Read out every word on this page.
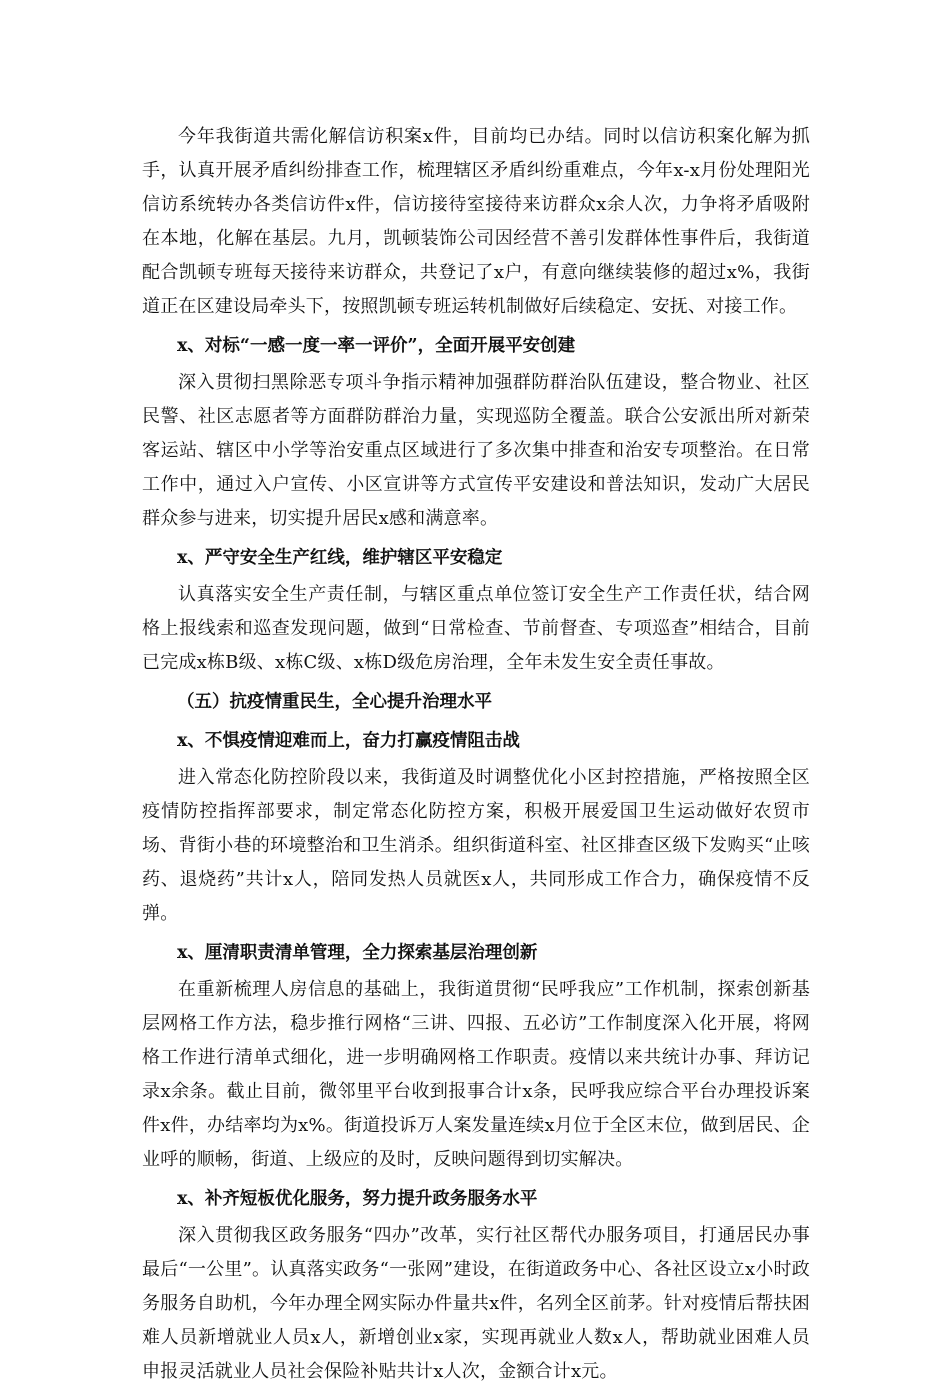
今年我街道共需化解信访积案x件，目前均已办结。同时以信访积案化解为抓手，认真开展矛盾纠纷排查工作，梳理辖区矛盾纠纷重难点，今年x-x月份处理阳光信访系统转办各类信访件x件，信访接待室接待来访群众x余人次，力争将矛盾吸附在本地，化解在基层。九月，凯顿装饰公司因经营不善引发群体性事件后，我街道配合凯顿专班每天接待来访群众，共登记了x户，有意向继续装修的超过x%，我街道正在区建设局牵头下，按照凯顿专班运转机制做好后续稳定、安抚、对接工作。

x、对标“一感一度一率一评价”，全面开展平安创建

深入贯彻扫黑除恶专项斗争指示精神加强群防群治队伍建设，整合物业、社区民警、社区志愿者等方面群防群治力量，实现巡防全覆盖。联合公安派出所对新荣客运站、辖区中小学等治安重点区域进行了多次集中排查和治安专项整治。在日常工作中，通过入户宣传、小区宣讲等方式宣传平安建设和普法知识，发动广大居民群众参与进来，切实提升居民x感和满意率。

x、严守安全生产红线，维护辖区平安稳定

认真落实安全生产责任制，与辖区重点单位签订安全生产工作责任状，结合网格上报线索和巡查发现问题，做到“日常检查、节前督查、专项巡查”相结合，目前已完成x栋B级、x栋C级、x栋D级危房治理，全年未发生安全责任事故。

（五）抗疫情重民生，全心提升治理水平

x、不惧疫情迎难而上，奋力打赢疫情阻击战

进入常态化防控阶段以来，我街道及时调整优化小区封控措施，严格按照全区疫情防控指挥部要求，制定常态化防控方案，积极开展爱国卫生运动做好农贸市场、背街小巷的环境整治和卫生消杀。组织街道科室、社区排查区级下发购买“止咳药、退烧药”共计x人，陪同发热人员就医x人，共同形成工作合力，确保疫情不反弹。

x、厘清职责清单管理，全力探索基层治理创新

在重新梳理人房信息的基础上，我街道贯彻“民呼我应”工作机制，探索创新基层网格工作方法，稳步推行网格“三讲、四报、五必访”工作制度深入化开展，将网格工作进行清单式细化，进一步明确网格工作职责。疫情以来共统计办事、拜访记录x余条。截止目前，微邻里平台收到报事合计x条，民呼我应综合平台办理投诉案件x件，办结率均为x%。街道投诉万人案发量连续x月位于全区末位，做到居民、企业呼的顺畅，街道、上级应的及时，反映问题得到切实解决。

x、补齐短板优化服务，努力提升政务服务水平

深入贯彻我区政务服务“四办”改革，实行社区帮代办服务项目，打通居民办事最后“一公里”。认真落实政务“一张网”建设，在街道政务中心、各社区设立x小时政务服务自助机，今年办理全网实际办件量共x件，名列全区前茅。针对疫情后帮扶困难人员新增就业人员x人，新增创业x家，实现再就业人数x人，帮助就业困难人员申报灵活就业人员社会保险补贴共计x人次，金额合计x元。
